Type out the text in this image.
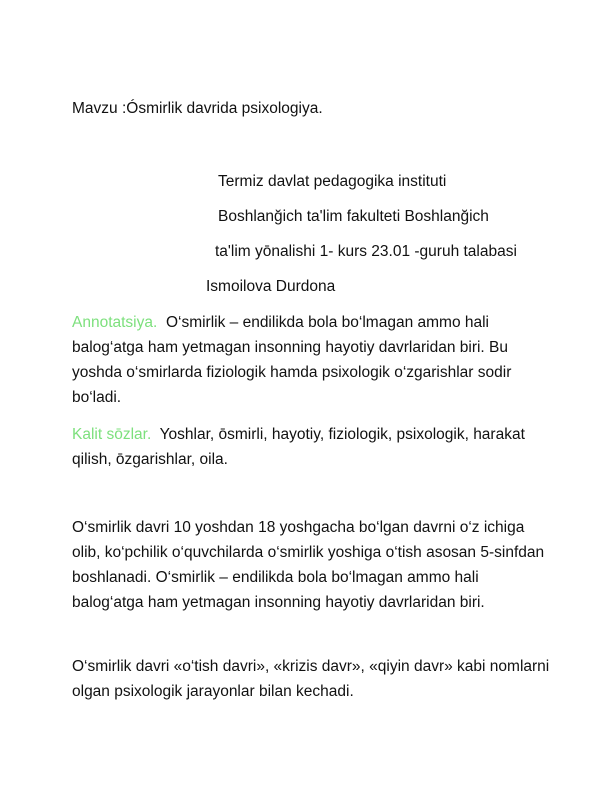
Mavzu :Ósmirlik davrida psixologiya.
Termiz davlat pedagogika instituti
Boshlanğich ta'lim fakulteti Boshlanğich
ta'lim yōnalishi 1- kurs 23.01 -guruh talabasi
Ismoilova Durdona
Annotatsiya. O‘smirlik – endilikda bola bo‘lmagan ammo hali balog‘atga ham yetmagan insonning hayotiy davrlaridan biri. Bu yoshda o‘smirlarda fiziologik hamda psixologik o‘zgarishlar sodir bo‘ladi.
Kalit sōzlar. Yoshlar, ōsmirli, hayotiy, fiziologik, psixologik, harakat qilish, ōzgarishlar, oila.
O‘smirlik davri 10 yoshdan 18 yoshgacha bo‘lgan davrni o‘z ichiga olib, ko‘pchilik o‘quvchilarda o‘smirlik yoshiga o‘tish asosan 5-sinfdan boshlanadi. O‘smirlik – endilikda bola bo‘lmagan ammo hali balog‘atga ham yetmagan insonning hayotiy davrlaridan biri.
O‘smirlik davri «o‘tish davri», «krizis davr», «qiyin davr» kabi nomlarni olgan psixologik jarayonlar bilan kechadi.
